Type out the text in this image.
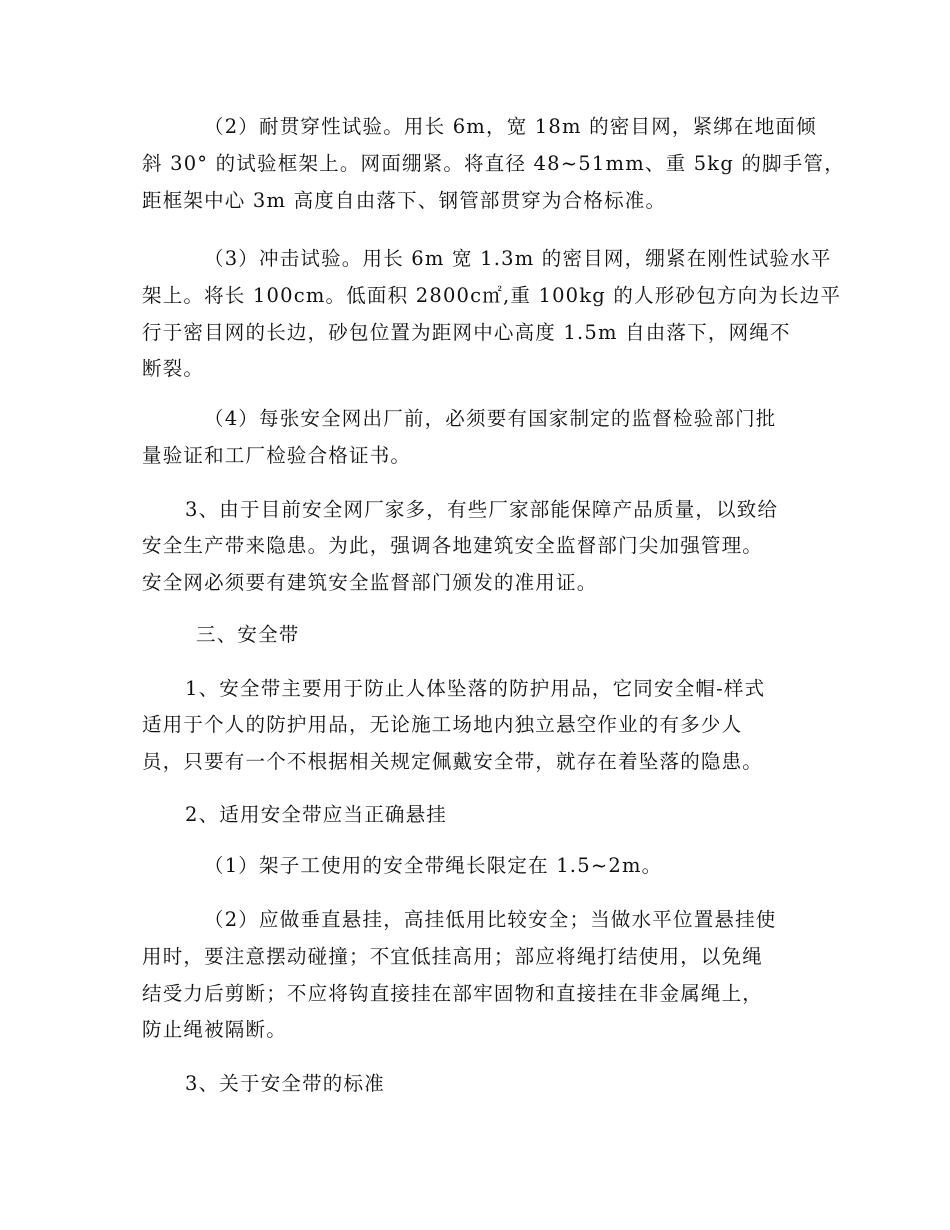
（2）耐贯穿性试验。用长 6m，宽 18m 的密目网，紧绑在地面倾
斜 30° 的试验框架上。网面绷紧。将直径 48~51mm、重 5kg 的脚手管，
距框架中心 3m 高度自由落下、钢管部贯穿为合格标准。
（3）冲击试验。用长 6m 宽 1.3m 的密目网，绷紧在刚性试验水平
架上。将长 100cm。低面积 2800c㎡,重 100kg 的人形砂包方向为长边平
行于密目网的长边，砂包位置为距网中心高度 1.5m 自由落下，网绳不
断裂。
（4）每张安全网出厂前，必须要有国家制定的监督检验部门批
量验证和工厂检验合格证书。
3、由于目前安全网厂家多，有些厂家部能保障产品质量，以致给
安全生产带来隐患。为此，强调各地建筑安全监督部门尖加强管理。
安全网必须要有建筑安全监督部门颁发的准用证。
三、安全带
1、安全带主要用于防止人体坠落的防护用品，它同安全帽-样式
适用于个人的防护用品，无论施工场地内独立悬空作业的有多少人
员，只要有一个不根据相关规定佩戴安全带，就存在着坠落的隐患。
2、适用安全带应当正确悬挂
（1）架子工使用的安全带绳长限定在 1.5~2m。
（2）应做垂直悬挂，高挂低用比较安全；当做水平位置悬挂使
用时，要注意摆动碰撞；不宜低挂高用；部应将绳打结使用，以免绳
结受力后剪断；不应将钩直接挂在部牢固物和直接挂在非金属绳上，
防止绳被隔断。
3、关于安全带的标准
